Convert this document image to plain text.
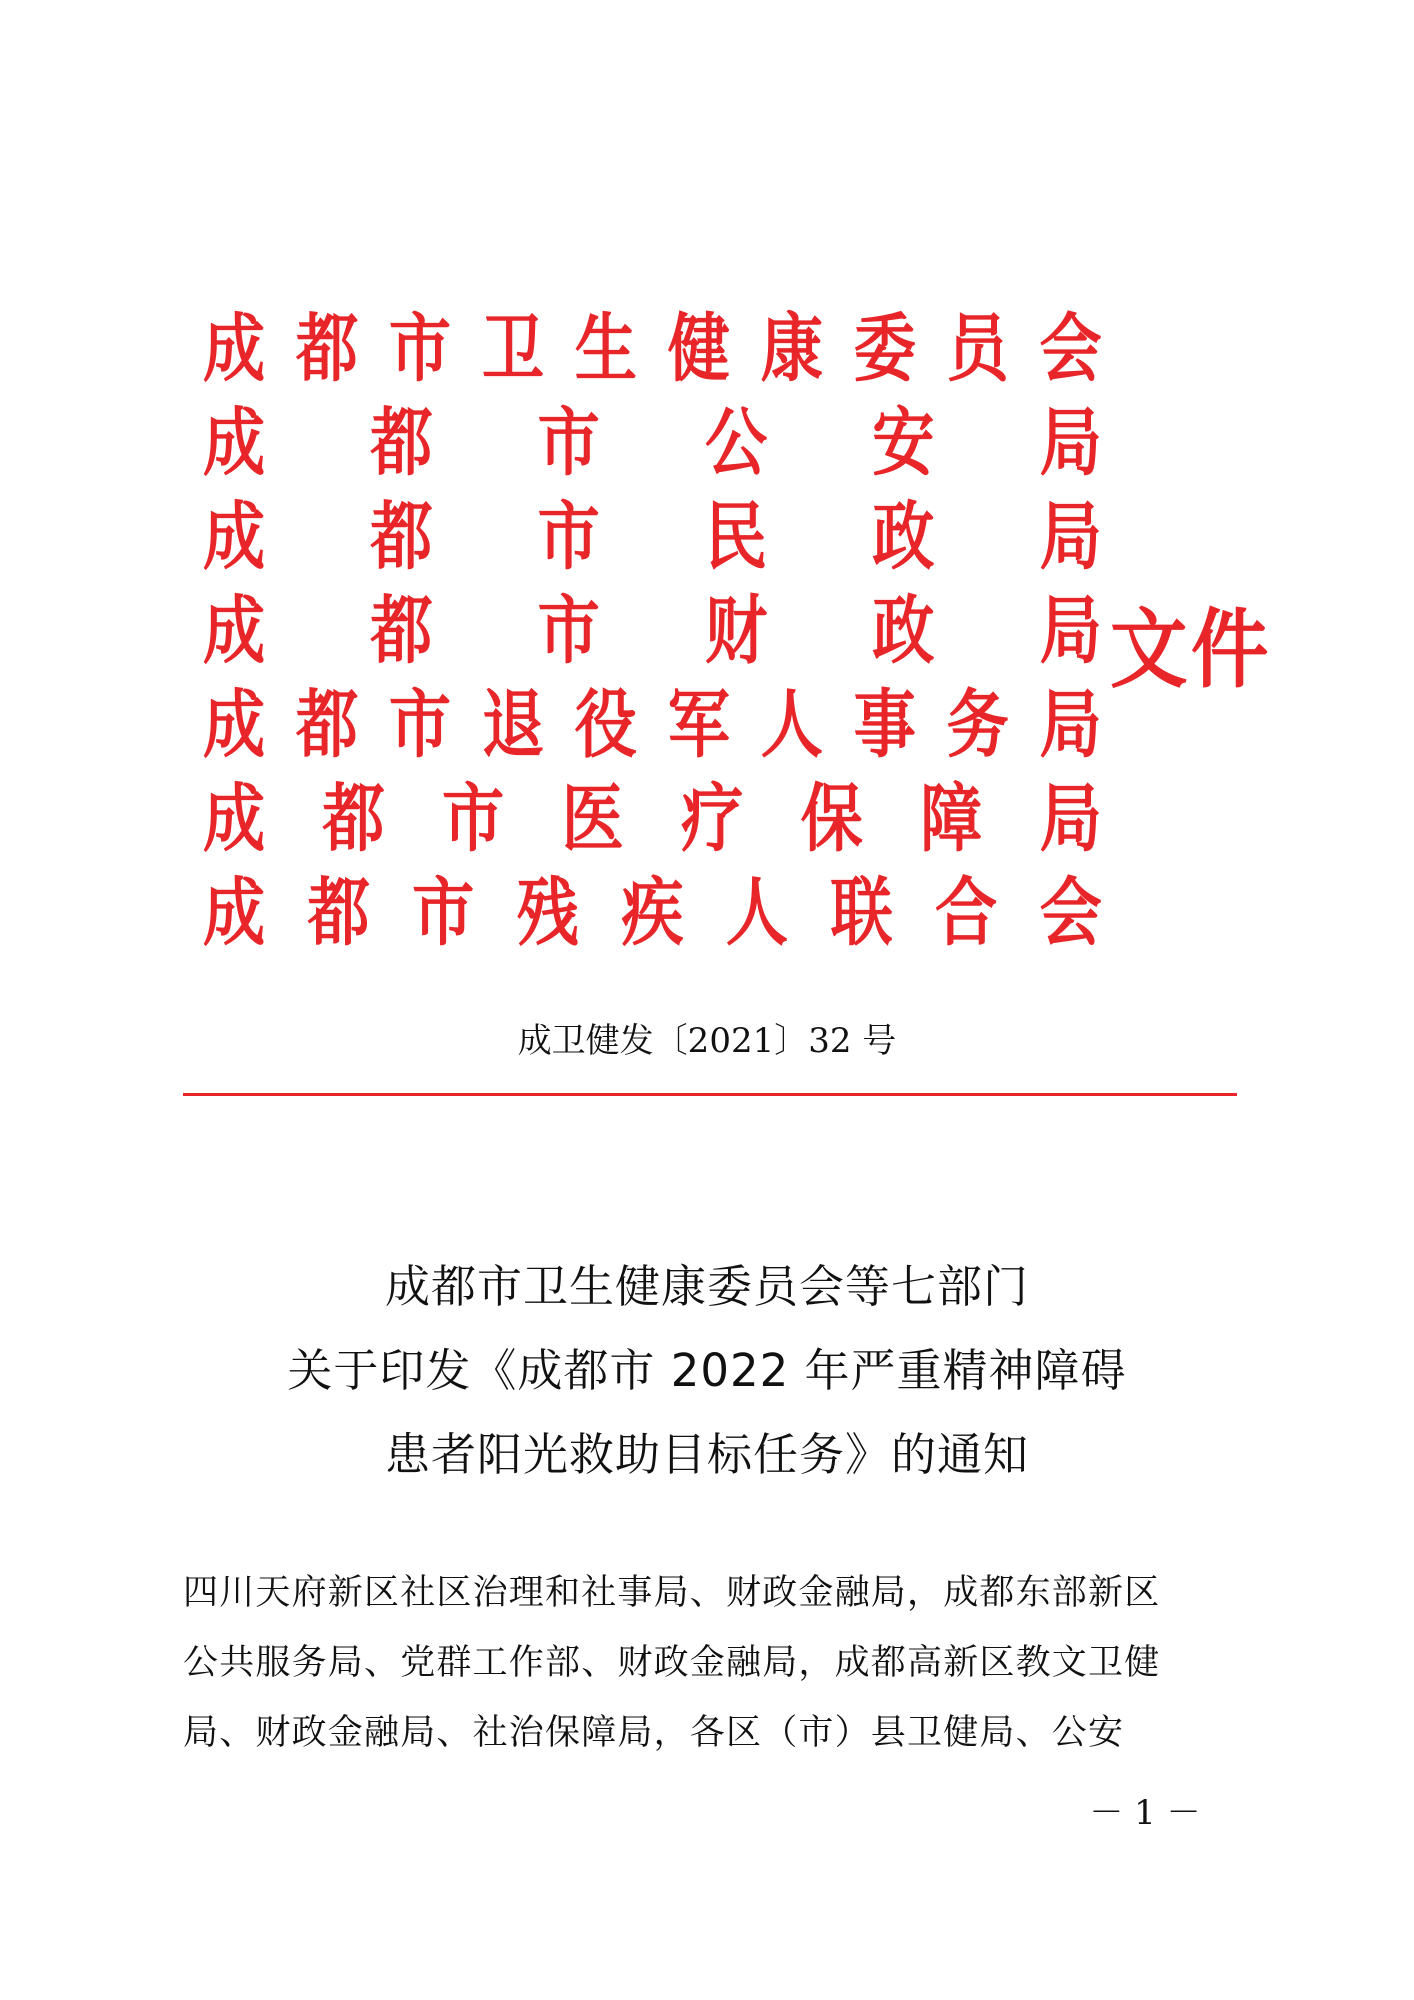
成 都 市 卫 生 健 康 委 员 会
成 都 市 公 安 局
成 都 市 民 政 局
成 都 市 财 政 局
成 都 市 退 役 军 人 事 务 局
成 都 市 医 疗 保 障 局
成 都 市 残 疾 人 联 合 会
文件
成卫健发〔2021〕32 号
成都市卫生健康委员会等七部门
关于印发《成都市 2022 年严重精神障碍
患者阳光救助目标任务》的通知
四川天府新区社区治理和社事局、财政金融局，成都东部新区
公共服务局、党群工作部、财政金融局，成都高新区教文卫健
局、财政金融局、社治保障局，各区（市）县卫健局、公安
－ 1 －
